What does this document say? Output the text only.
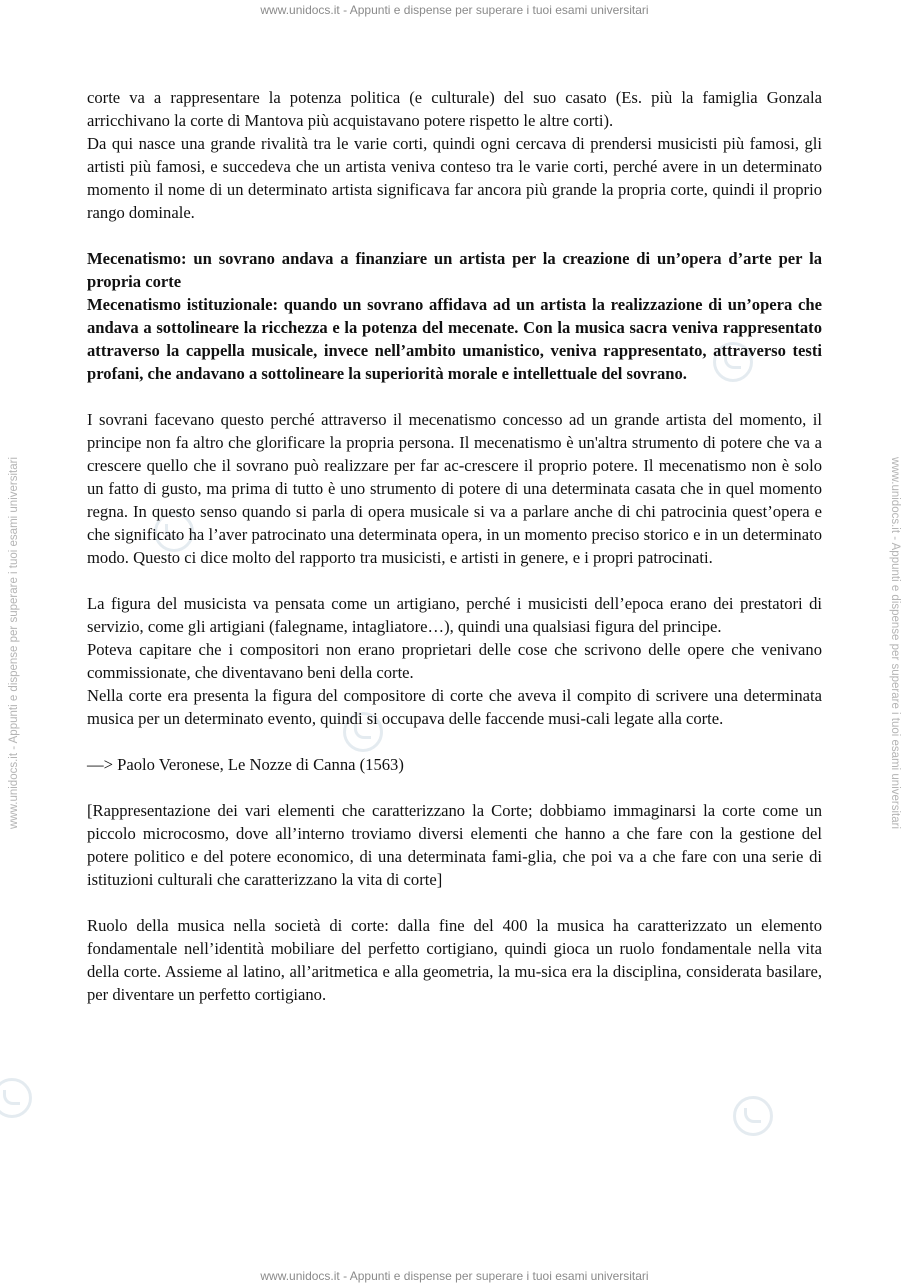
www.unidocs.it - Appunti e dispense per superare i tuoi esami universitari
www.unidocs.it - Appunti e dispense per superare i tuoi esami universitari
www.unidocs.it - Appunti e dispense per superare i tuoi esami universitari	www.unidocs.it - Appunti e dispense per superare i tuoi esami universitari

corte va a rappresentare la potenza politica (e culturale) del suo casato (Es. più la famiglia Gonzala arricchivano la corte di Mantova più acquistavano potere rispetto le altre corti).
Da qui nasce una grande rivalità tra le varie corti, quindi ogni cercava di prendersi musicisti più famosi, gli artisti più famosi, e succedeva che un artista veniva conteso tra le varie corti, perché avere in un determinato momento il nome di un determinato artista significava far ancora più grande la propria corte, quindi il proprio rango dominale.

Mecenatismo: un sovrano andava a finanziare un artista per la creazione di un’opera d’arte per la propria corte
Mecenatismo istituzionale: quando un sovrano affidava ad un artista la realizzazione di un’opera che andava a sottolineare la ricchezza e la potenza del mecenate. Con la musica sacra veniva rappresentato attraverso la cappella musicale, invece nell’ambito umanistico, veniva rappresentato, attraverso testi profani, che andavano a sottolineare la superiorità morale e intellettuale del sovrano.

I sovrani facevano questo perché attraverso il mecenatismo concesso ad un grande artista del momento, il principe non fa altro che glorificare la propria persona. Il mecenatismo è un'altra strumento di potere che va a crescere quello che il sovrano può realizzare per far ac-crescere il proprio potere. Il mecenatismo non è solo un fatto di gusto, ma prima di tutto è uno strumento di potere di una determinata casata che in quel momento regna. In questo senso quando si parla di opera musicale si va a parlare anche di chi patrocinia quest’opera e che significato ha l’aver patrocinato una determinata opera, in un momento preciso storico e in un determinato modo. Questo ci dice molto del rapporto tra musicisti, e artisti in genere, e i propri patrocinati.

La figura del musicista va pensata come un artigiano, perché i musicisti dell’epoca erano dei prestatori di servizio, come gli artigiani (falegname, intagliatore…), quindi una qualsiasi figura del principe.
Poteva capitare che i compositori non erano proprietari delle cose che scrivono delle opere che venivano commissionate, che diventavano beni della corte.
Nella corte era presenta la figura del compositore di corte che aveva il compito di scrivere una determinata musica per un determinato evento, quindi si occupava delle faccende musi-cali legate alla corte.

—> Paolo Veronese, Le Nozze di Canna (1563)

[Rappresentazione dei vari elementi che caratterizzano la Corte; dobbiamo immaginarsi la corte come un piccolo microcosmo, dove all’interno troviamo diversi elementi che hanno a che fare con la gestione del potere politico e del potere economico, di una determinata fami-glia, che poi va a che fare con una serie di istituzioni culturali che caratterizzano la vita di corte]

Ruolo della musica nella società di corte: dalla fine del 400 la musica ha caratterizzato un elemento fondamentale nell’identità mobiliare del perfetto cortigiano, quindi gioca un ruolo fondamentale nella vita della corte. Assieme al latino, all’aritmetica e alla geometria, la mu-sica era la disciplina, considerata basilare, per diventare un perfetto cortigiano.
